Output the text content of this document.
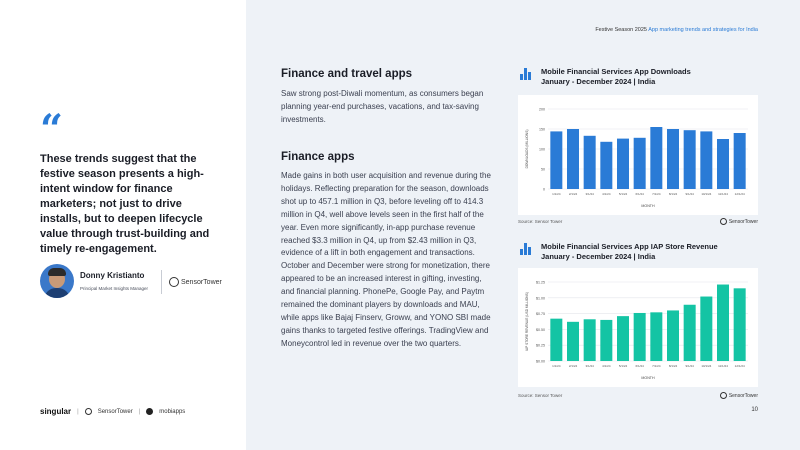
“
These trends suggest that the festive season presents a high-intent window for finance marketers; not just to drive installs, but to deepen lifecycle value through trust-building and timely re-engagement.
Donny Kristianto
Principal Market Insights Manager
SensorTower
singular |	SensorTower |	mobiapps
Festive Season 2025 App marketing trends and strategies for India
Finance and travel apps
Saw strong post-Diwali momentum, as consumers began planning year-end purchases, vacations, and tax-saving investments.
Finance apps
Made gains in both user acquisition and revenue during the holidays. Reflecting preparation for the season, downloads shot up to 457.1 million in Q3, before leveling off to 414.3 million in Q4, well above levels seen in the first half of the year. Even more significantly, in-app purchase revenue reached $3.3 million in Q4, up from $2.43 million in Q3, evidence of a lift in both engagement and transactions. October and December were strong for monetization, there appeared to be an increased interest in gifting, investing, and financial planning. PhonePe, Google Pay, and Paytm remained the dominant players by downloads and MAU, while apps like Bajaj Finserv, Groww, and YONO SBI made gains thanks to targeted festive offerings. TradingView and Moneycontrol led in revenue over the two quarters.
Mobile Financial Services App Downloads
January - December 2024 | India
0
50
100
150
200
1/1/24	2/1/24	3/1/24	4/1/24	5/1/24	6/1/24	7/1/24	8/1/24	9/1/24 10/1/24 11/1/24 12/1/24
MONTH
DOWNLOADS (MILLIONS)
Source: Sensor Tower	SensorTower
Mobile Financial Services App IAP Store Revenue
January - December 2024 | India
$0.00
$0.25
$0.50
$0.75
$1.00
$1.25
1/1/24	2/1/24	3/1/24	4/1/24	5/1/24	6/1/24	7/1/24	8/1/24	9/1/24 10/1/24 11/1/24 12/1/24
MONTH
IAP STORE REVENUE (USD MILLIONS)
Source: Sensor Tower	SensorTower
10
